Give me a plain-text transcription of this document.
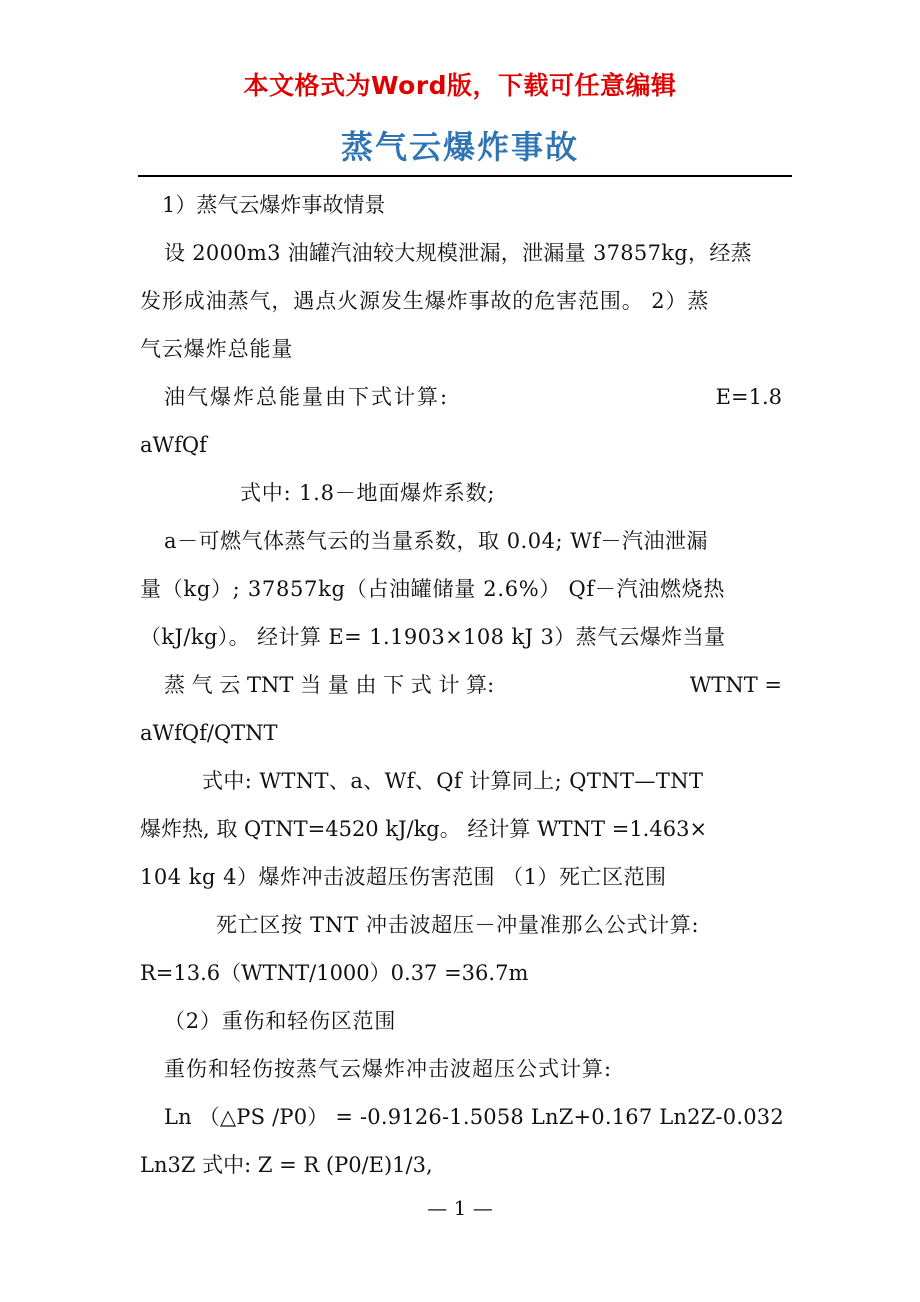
本文格式为Word版，下载可任意编辑
蒸气云爆炸事故
1）蒸气云爆炸事故情景
设 2000m3 油罐汽油较大规模泄漏，泄漏量 37857kg，经蒸
发形成油蒸气，遇点火源发生爆炸事故的危害范围。 2）蒸
气云爆炸总能量
油气爆炸总能量由下式计算:	E=1.8
aWfQf
式中: 1.8－地面爆炸系数;
a－可燃气体蒸气云的当量系数，取 0.04; Wf－汽油泄漏
量（kg）; 37857kg（占油罐储量 2.6%） Qf－汽油燃烧热
（kJ/kg）。 经计算 E= 1.1903×108 kJ 3）蒸气云爆炸当量
蒸 气 云 TNT 当 量 由 下 式 计 算:	WTNT =
aWfQf/QTNT
式中: WTNT、a、Wf、Qf 计算同上; QTNT—TNT
爆炸热, 取 QTNT=4520 kJ/kg。 经计算 WTNT =1.463×
104 kg 4）爆炸冲击波超压伤害范围 （1）死亡区范围
死亡区按 TNT 冲击波超压－冲量准那么公式计算:
R=13.6（WTNT/1000）0.37 =36.7m
（2）重伤和轻伤区范围
重伤和轻伤按蒸气云爆炸冲击波超压公式计算:
Ln （△PS /P0） = -0.9126-1.5058 LnZ+0.167 Ln2Z-0.032
Ln3Z 式中: Z = R (P0/E)1/3,
— 1 —
